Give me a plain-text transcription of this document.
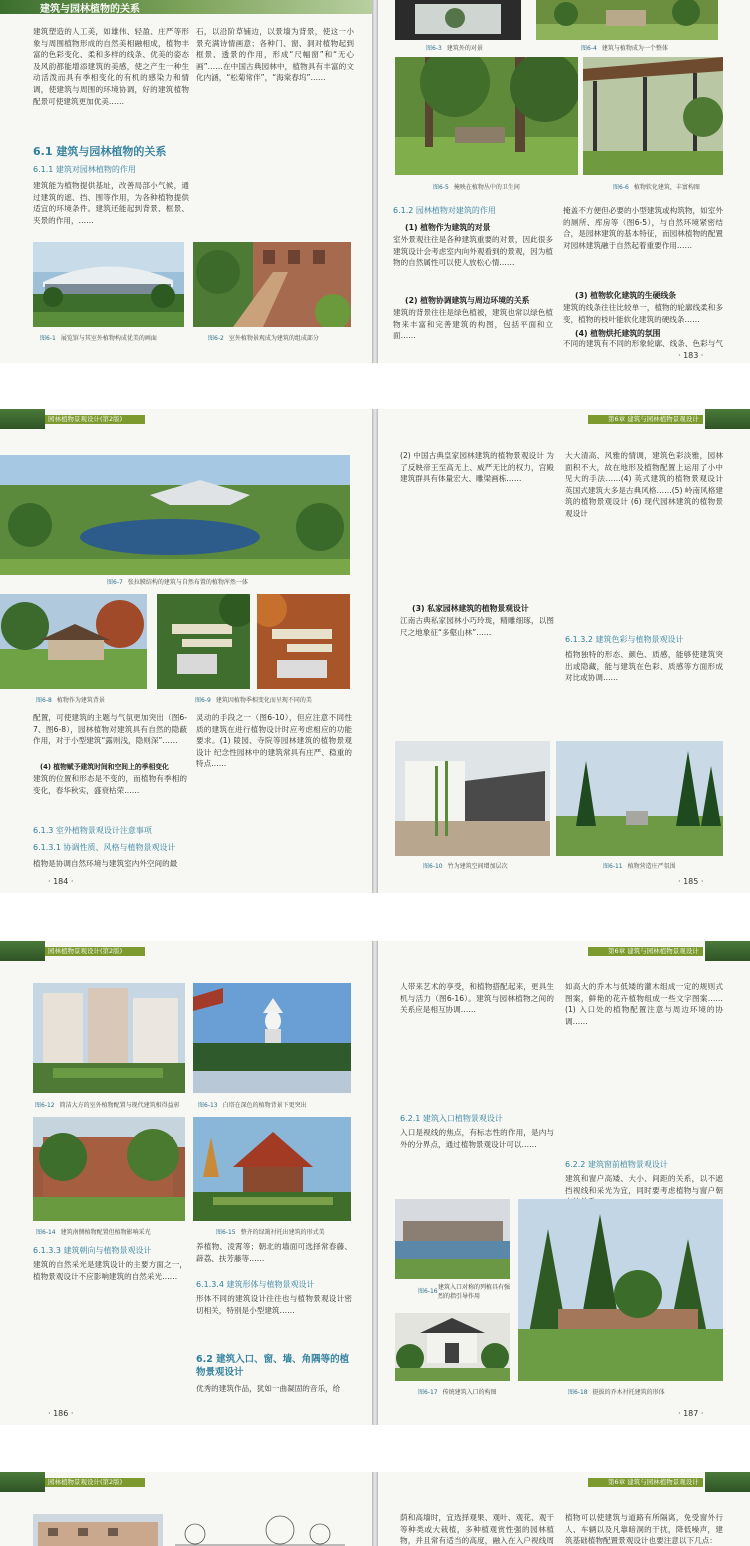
建筑与园林植物的关系
建筑塑造的人工美，如雄伟、轻盈、庄严等形象与周围植物形成的自然美相融相成，植物丰富的色彩变化、柔和多样的线条、优美的姿态及风韵都能增添建筑的美感，使之产生一种生动活泼而具有季相变化的有机的感染力和情调，使建筑与周围的环境协调，好的建筑植物配景可使建筑更加优美……
6.1 建筑与园林植物的关系
6.1.1 建筑对园林植物的作用
建筑能为植物提供基址，改善局部小气候，通过建筑的遮、挡、围等作用，为各种植物提供适宜的环境条件。建筑还能起到背景、框景、夹景的作用，……
石，以沿阶草铺边，以景墙为背景，使这一小景充满诗情画意；各种门、窗、洞对植物起到框景、透景的作用，形成“尺幅窗”和“无心画”……在中国古典园林中，植物具有丰富的文化内涵，“松菊常伴”，“海棠春坞”……
图6-1 展览馆与其室外植物构成优美的画面	图6-2 室外植物景观成为建筑的组成部分
图6-3 建筑外的对景	图6-4 建筑与植物成为一个整体
图6-5 掩映在植物丛中的卫生间	图6-6 植物软化建筑，丰富构图
6.1.2 园林植物对建筑的作用
(1) 植物作为建筑的对景
室外景观往往是各种建筑重要的对景，因此很多建筑设计会考虑室内向外观看到的景观，因为植物的自然属性可以使人放松心情……
(2) 植物协调建筑与周边环境的关系
建筑的背景往往是绿色植被，建筑也常以绿色植物来丰富和完善建筑的构图，包括平面和立面……
掩盖不方便但必要的小型建筑或构筑物，如室外的厕所、库房等（图6-5），与自然环境紧密结合，是园林建筑的基本特征，而园林植物的配置对园林建筑融于自然起着重要作用……
(3) 植物软化建筑的生硬线条
建筑的线条往往比较单一，植物的轮廓线柔和多变，植物的枝叶能软化建筑的硬线条……
(4) 植物烘托建筑的氛围
不同的建筑有不同的形象轮廓、线条、色彩与气
· 183 ·
园林植物景观设计(第2版)
图6-7 张拉膜结构的建筑与自然布置的植物浑然一体
图6-8 植物作为建筑背景	图6-9 建筑因植物季相变化而呈现不同的美
配置，可使建筑的主题与气氛更加突出（图6-7、图6-8），园林植物对建筑具有自然的隐蔽作用，对于小型建筑“露则浅，隐则深”……
(4) 植物赋予建筑时间和空间上的季相变化
建筑的位置和形态是不变的，而植物有季相的变化，春华秋实，盛衰枯荣……
6.1.3 室外植物景观设计注意事项
6.1.3.1 协调性质、风格与植物景观设计
植物是协调自然环境与建筑室内外空间的最
灵动的手段之一（图6-10），但应注意不同性质的建筑在进行植物设计时应考虑相应的功能要求。(1) 陵园、寺院等园林建筑的植物景观设计 纪念性园林中的建筑常具有庄严、稳重的特点……
· 184 ·
第6章 建筑与园林植物景观设计
(2) 中国古典皇家园林建筑的植物景观设计 为了反映帝王至高无上、威严无比的权力，宫殿建筑群具有体量宏大、雕梁画栋……
(3) 私家园林建筑的植物景观设计
江南古典私家园林小巧玲珑，精雕细琢，以图尺之地象征“多壑山林”……
大大清高、风雅的情调，建筑色彩淡雅，园林面积不大，故在地形及植物配置上运用了小中见大的手法……(4) 英式建筑的植物景观设计 英国式建筑大多是古典风格……(5) 岭南风格建筑的植物景观设计 (6) 现代园林建筑的植物景观设计
6.1.3.2 建筑色彩与植物景观设计
植物独特的形态、颜色、质感，能够使建筑突出或隐藏，能与建筑在色彩、质感等方面形成对比或协调……
图6-10 竹为建筑空间增加层次	图6-11 植物营造庄严氛围
· 185 ·
园林植物景观设计(第2版)
图6-12 简洁大方的室外植物配置与现代建筑相得益彰	图6-13 白塔在深色的植物背景下更突出
图6-14 建筑南侧植物配置但植物影响采光	图6-15 整齐的绿篱衬托出建筑的形式美
6.1.3.3 建筑朝向与植物景观设计
建筑的自然采光是建筑设计的主要方面之一，植物景观设计不应影响建筑的自然采光……
养植物、凌霄等；朝北的墙面可选择常春藤、薜荔、扶芳藤等……
6.1.3.4 建筑形体与植物景观设计
形体不同的建筑设计往往也与植物景观设计密切相关，特别是小型建筑……
6.2 建筑入口、窗、墙、角隅等的植物景观设计
优秀的建筑作品，犹如一曲凝固的音乐，给
· 186 ·
第6章 建筑与园林植物景观设计
人带来艺术的享受，和植物搭配起来，更具生机与活力（图6-16）。建筑与园林植物之间的关系应是相互协调……
6.2.1 建筑入口植物景观设计
入口是视线的焦点，有标志性的作用，是内与外的分界点，通过植物景观设计可以……
如高大的乔木与低矮的灌木组成一定的规则式图案，鲜艳的花卉植物组成一些文字图案……(1) 入口处的植物配置注意与周边环境的协调……
6.2.2 建筑窗前植物景观设计
建筑和窗户高矮、大小、间距的关系，以不遮挡视线和采光为宜，同时要考虑植物与窗户朝
图6-16
建筑入口对称的列植具有强烈的指引导作用
图6-17 传统建筑入口的构图	图6-18 挺拔的乔木衬托建筑的形体
· 187 ·
园林植物景观设计(第2版)	第6章 建筑与园林植物景观设计
荫和高墙时，宜选择观果、观叶、观花、观干等种类或大栽植，多种植观赏性强的园林植物，并且常有适当的高度，融入在入户视线周
植物可以使建筑与道路有所隔离，免受窗外行人、车辆以及凡靠暗洞的干扰，降低噪声，建筑基础植物配置景观设计也要注意以下几点：
